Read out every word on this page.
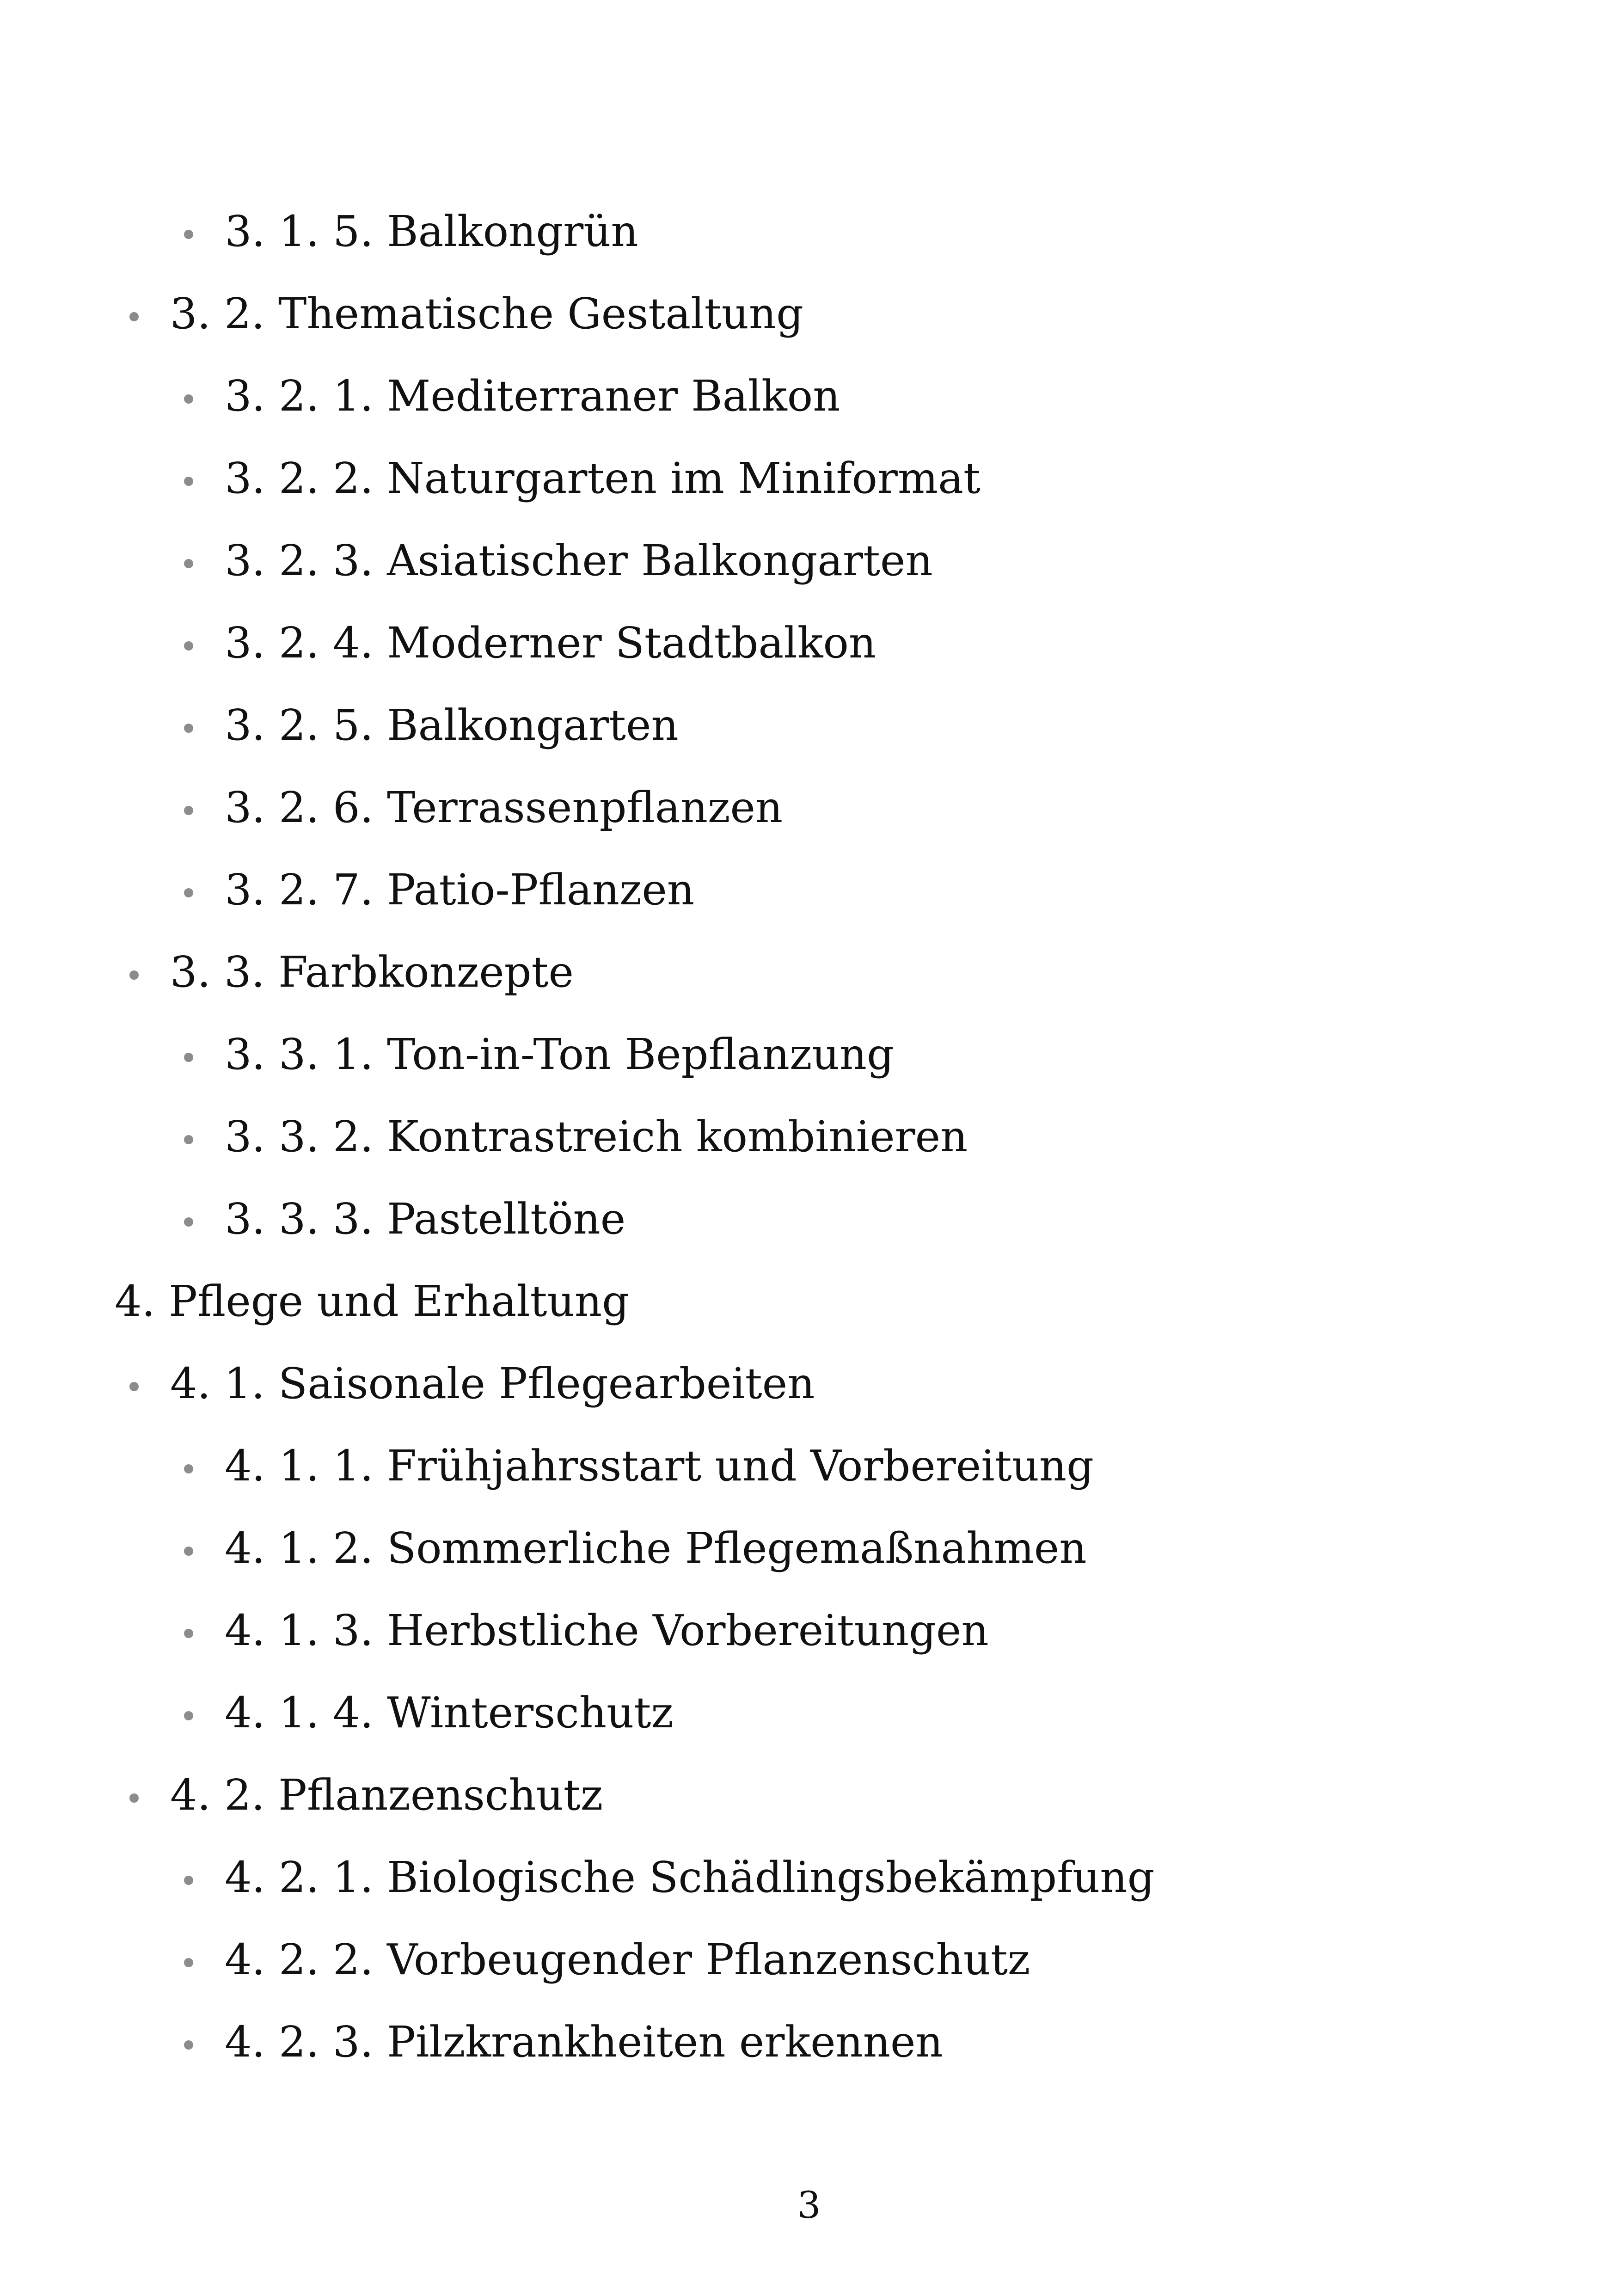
3. 1. 5. Balkongrün
3. 2. Thematische Gestaltung
3. 2. 1. Mediterraner Balkon
3. 2. 2. Naturgarten im Miniformat
3. 2. 3. Asiatischer Balkongarten
3. 2. 4. Moderner Stadtbalkon
3. 2. 5. Balkongarten
3. 2. 6. Terrassenpflanzen
3. 2. 7. Patio-Pflanzen
3. 3. Farbkonzepte
3. 3. 1. Ton-in-Ton Bepflanzung
3. 3. 2. Kontrastreich kombinieren
3. 3. 3. Pastelltöne
4. Pflege und Erhaltung
4. 1. Saisonale Pflegearbeiten
4. 1. 1. Frühjahrsstart und Vorbereitung
4. 1. 2. Sommerliche Pflegemaßnahmen
4. 1. 3. Herbstliche Vorbereitungen
4. 1. 4. Winterschutz
4. 2. Pflanzenschutz
4. 2. 1. Biologische Schädlingsbekämpfung
4. 2. 2. Vorbeugender Pflanzenschutz
4. 2. 3. Pilzkrankheiten erkennen
3
